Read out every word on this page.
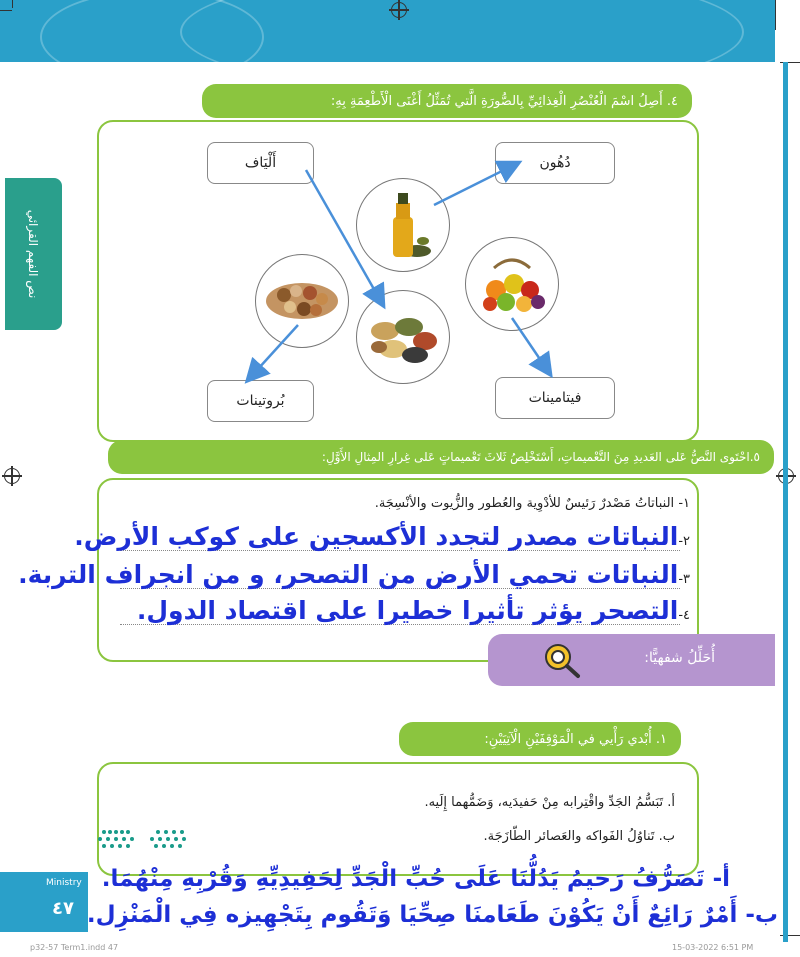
نص الفهم القرائي
٤. أَصِلُ اسْمَ الْعُنْصُرِ الْغِذائِيِّ بِالصُّورَةِ الَّتي تُمَثِّلُ أَغْنَى الْأَطْعِمَةِ بِهِ:
أَلْيَاف	دُهُون
بُروتينات	فيتامينات
٥.احْتَوى النَّصُّ عَلى العَديدِ مِنَ التَّعْميماتِ، أَسْتَخْلِصُ ثَلاثَ تَعْميماتٍ عَلى غِرارِ المِثالِ الأَوَّلِ:
١- النباتاتُ مَصْدرٌ رَئيسٌ للأدْوِية والعُطور والزُّيوت والأنْسِجَة.
٢-النباتات مصدر لتجدد الأكسجين على كوكب الأرض.
٣-النباتات تحمي الأرض من التصحر، و من انجراف التربة.
٤-التصحر يؤثر تأثيرا خطيرا على اقتصاد الدول.
أُحَلِّلُ شفهيًّا:
١. أُبْدي رَأْيي في الْمَوْقِفَيْنِ الْآتِيَيْنِ:
أ. تَبَسُّمُ الجَدِّ واقْتِرابه مِنْ حَفيدَيه، وَضَمُّهما إِلَيه.
ب. تَناوُلُ الفَواكه والعَصائر الطّازَجَة.
Ministry
٤٧
أ- تَصَرُّفُ رَحيمُ يَدُلُّنَا عَلَى حُبِّ الْجَدِّ لِحَفِيدِيِّهِ وَقُرْبِهِ مِنْهُمَا.
ب- أَمْرٌ رَائِعٌ أَنْ يَكُوْنَ طَعَامنَا صِحِّيَا وَتَقُوم بِتَجْهِيزه فِي الْمَنْزِل.
p32-57 Term1.indd 47	15-03-2022 6:51 PM
